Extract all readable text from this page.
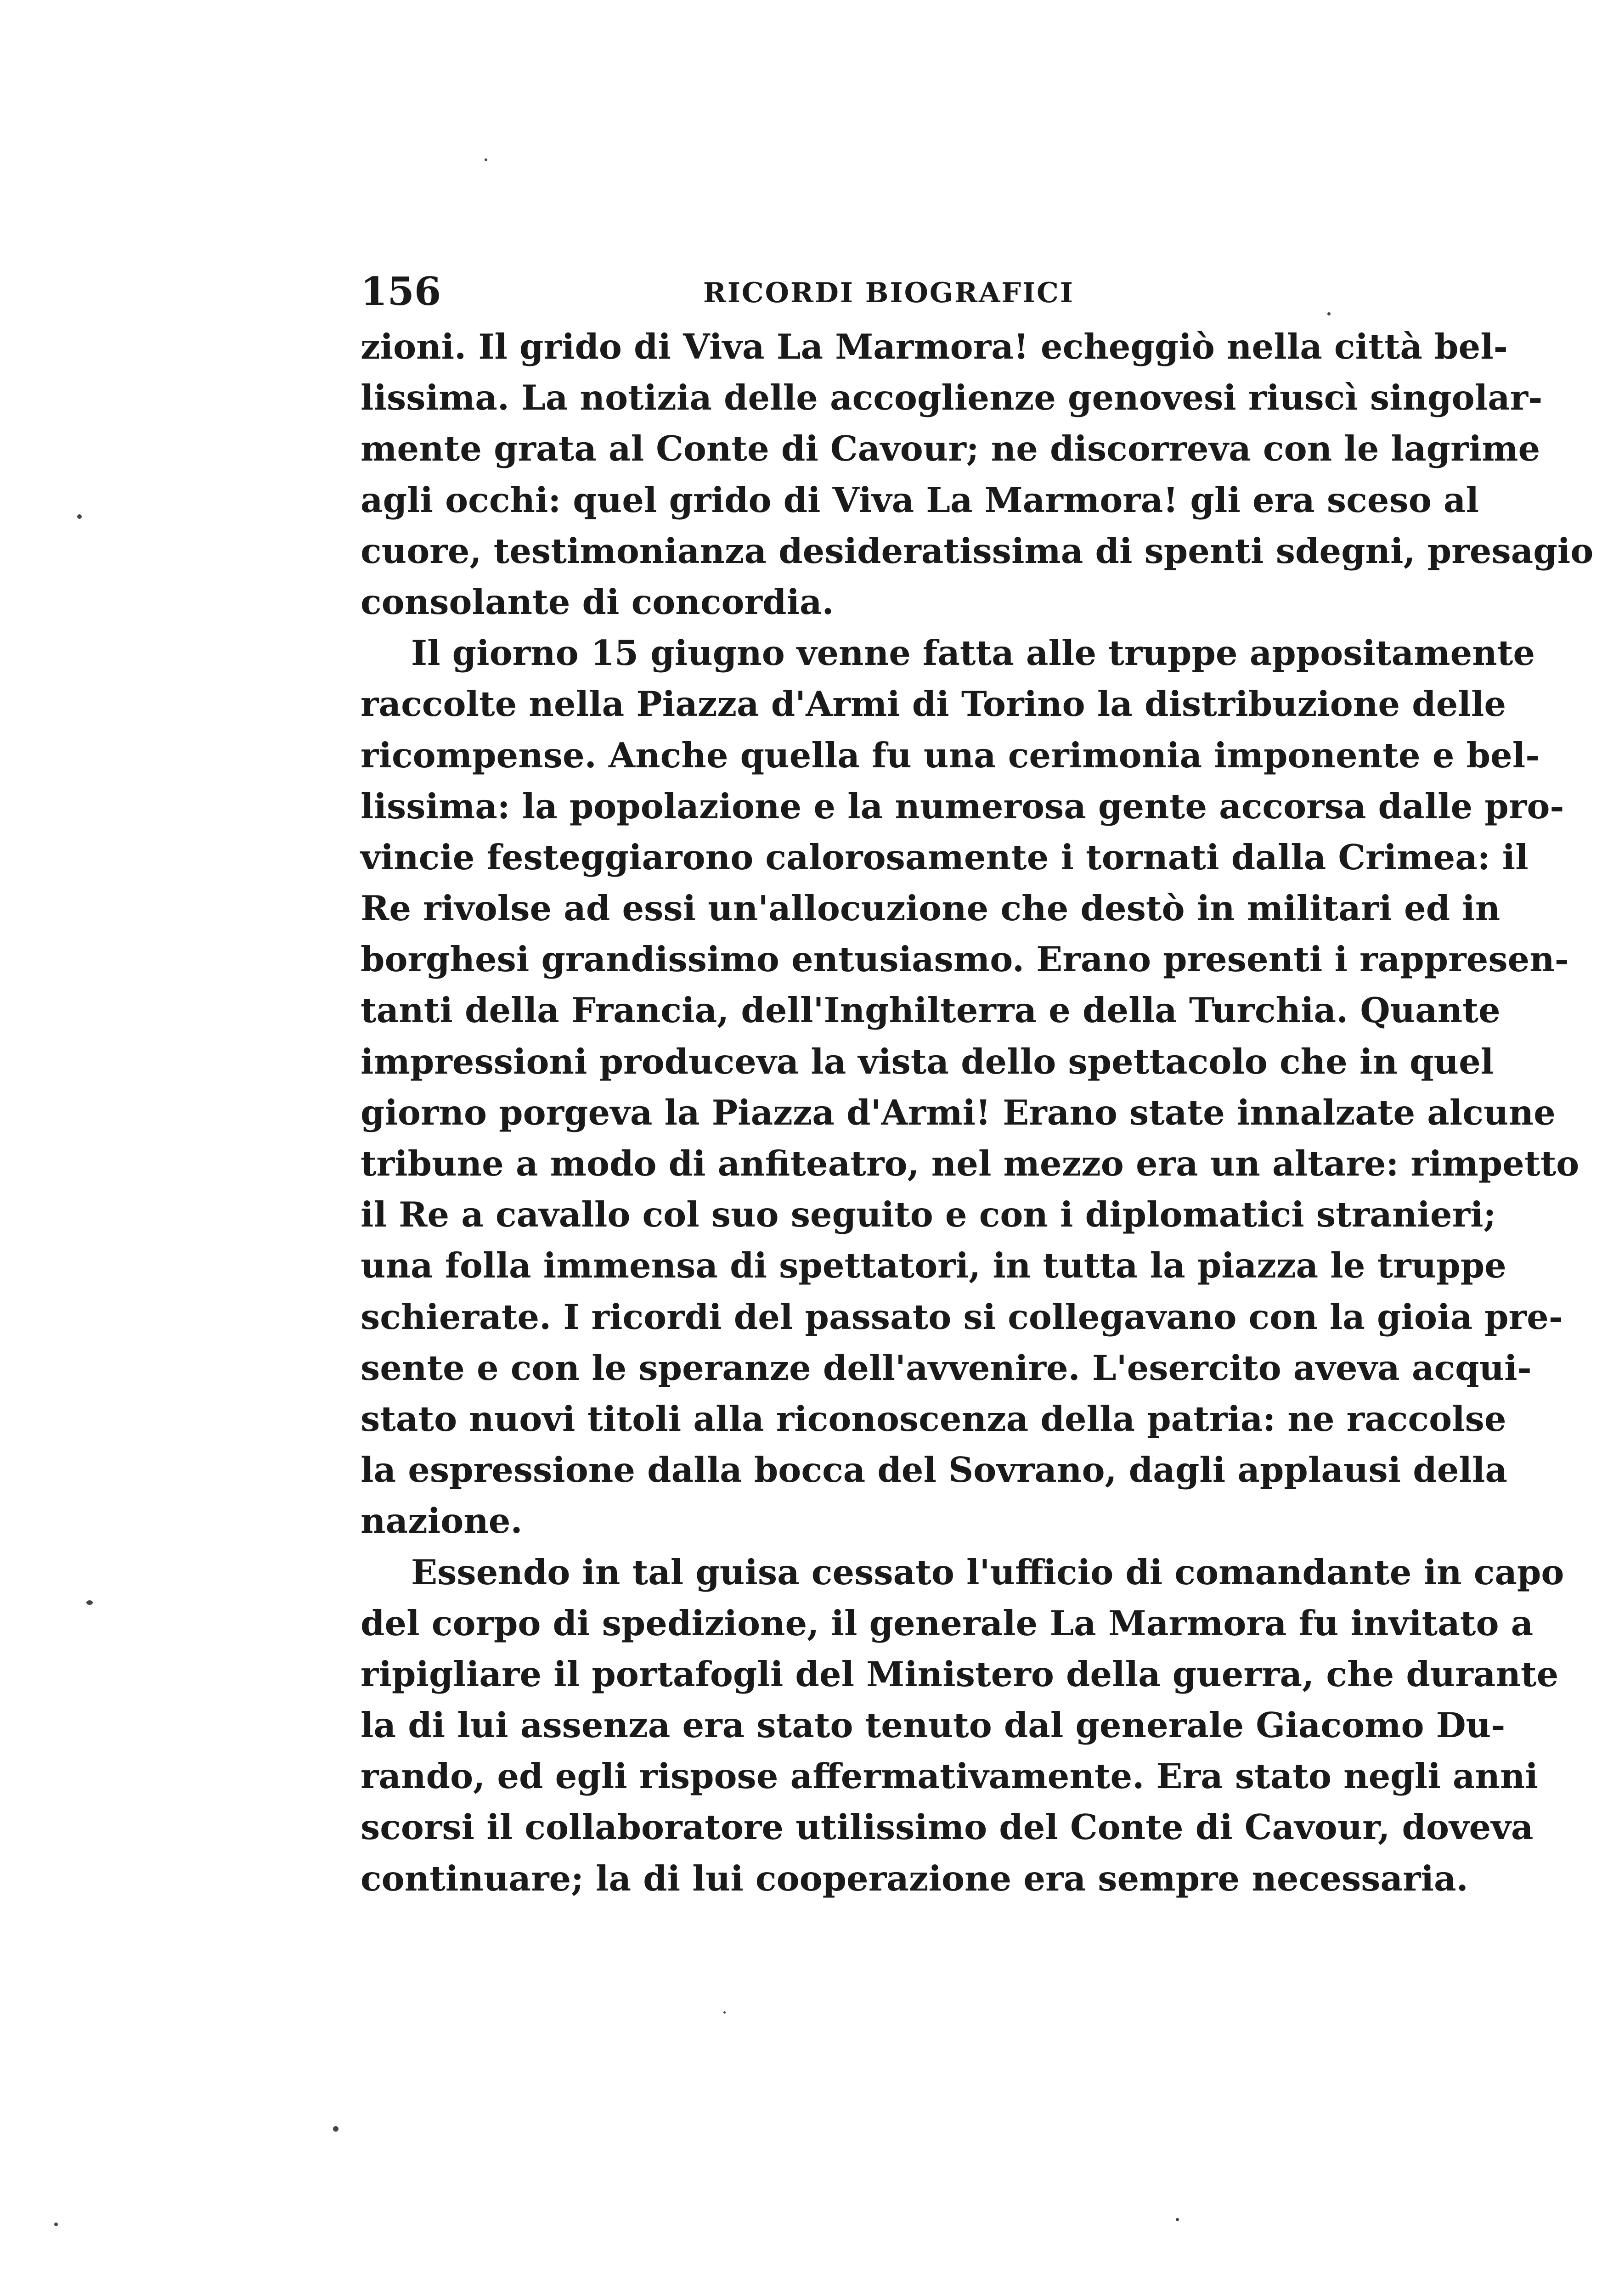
156	RICORDI BIOGRAFICI
zioni. Il grido di Viva La Marmora! echeggiò nella città bel-
lissima. La notizia delle accoglienze genovesi riuscì singolar-
mente grata al Conte di Cavour; ne discorreva con le lagrime
agli occhi: quel grido di Viva La Marmora! gli era sceso al
cuore, testimonianza desideratissima di spenti sdegni, presagio
consolante di concordia.
Il giorno 15 giugno venne fatta alle truppe appositamente
raccolte nella Piazza d'Armi di Torino la distribuzione delle
ricompense. Anche quella fu una cerimonia imponente e bel-
lissima: la popolazione e la numerosa gente accorsa dalle pro-
vincie festeggiarono calorosamente i tornati dalla Crimea: il
Re rivolse ad essi un'allocuzione che destò in militari ed in
borghesi grandissimo entusiasmo. Erano presenti i rappresen-
tanti della Francia, dell'Inghilterra e della Turchia. Quante
impressioni produceva la vista dello spettacolo che in quel
giorno porgeva la Piazza d'Armi! Erano state innalzate alcune
tribune a modo di anfiteatro, nel mezzo era un altare: rimpetto
il Re a cavallo col suo seguito e con i diplomatici stranieri;
una folla immensa di spettatori, in tutta la piazza le truppe
schierate. I ricordi del passato si collegavano con la gioia pre-
sente e con le speranze dell'avvenire. L'esercito aveva acqui-
stato nuovi titoli alla riconoscenza della patria: ne raccolse
la espressione dalla bocca del Sovrano, dagli applausi della
nazione.
Essendo in tal guisa cessato l'ufficio di comandante in capo
del corpo di spedizione, il generale La Marmora fu invitato a
ripigliare il portafogli del Ministero della guerra, che durante
la di lui assenza era stato tenuto dal generale Giacomo Du-
rando, ed egli rispose affermativamente. Era stato negli anni
scorsi il collaboratore utilissimo del Conte di Cavour, doveva
continuare; la di lui cooperazione era sempre necessaria.
